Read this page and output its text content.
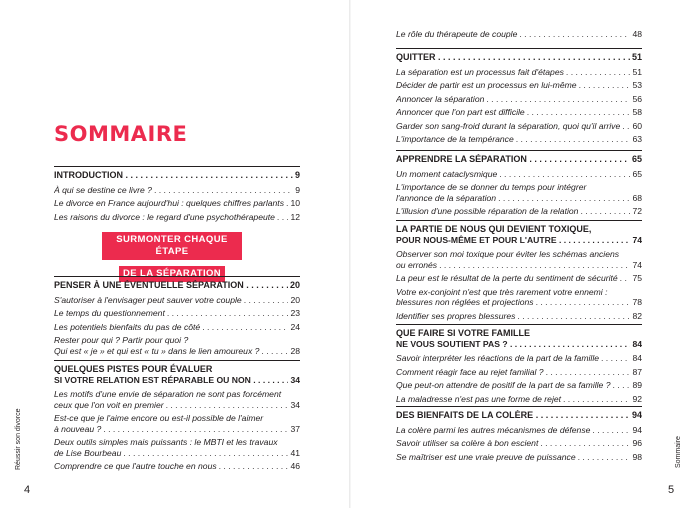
SOMMAIRE
INTRODUCTION . . .	9
À qui se destine ce livre ? . . .	9
Le divorce en France aujourd'hui : quelques chiffres parlants . . . 10
Les raisons du divorce : le regard d'une psychothérapeute . . .	12
SURMONTER CHAQUE ÉTAPE
DE LA SÉPARATION
PENSER À UNE ÉVENTUELLE SÉPARATION . . .	20
S'autoriser à l'envisager peut sauver votre couple . . .	20
Le temps du questionnement . . .	23
Les potentiels bienfaits du pas de côté . . .	24
Rester pour qui ? Partir pour quoi ?
Qui est « je » et qui est « tu » dans le lien amoureux ? . . .	28
QUELQUES PISTES POUR ÉVALUER
SI VOTRE RELATION EST RÉPARABLE OU NON . . .	34
Les motifs d'une envie de séparation ne sont pas forcément
ceux que l'on voit en premier . . .	34
Est-ce que je l'aime encore ou est-il possible de l'aimer
à nouveau ? . . .	37
Deux outils simples mais puissants : le MBTI et les travaux
de Lise Bourbeau . . .	41
Comprendre ce que l'autre touche en nous . . .	46
Réussir son divorce
4
Le rôle du thérapeute de couple . . .	48
QUITTER . . .	51
La séparation est un processus fait d'étapes . . .	51
Décider de partir est un processus en lui-même . . .	53
Annoncer la séparation . . .	56
Annoncer que l'on part est difficile . . .	58
Garder son sang-froid durant la séparation, quoi qu'il arrive . . .	60
L'importance de la tempérance . . .	63
APPRENDRE LA SÉPARATION . . .	65
Un moment cataclysmique . . .	65
L'importance de se donner du temps pour intégrer
l'annonce de la séparation . . .	68
L'illusion d'une possible réparation de la relation . . .	72
LA PARTIE DE NOUS QUI DEVIENT TOXIQUE,
POUR NOUS-MÊME ET POUR L'AUTRE . . .	74
Observer son moi toxique pour éviter les schémas anciens
ou erronés . . .	74
La peur est le résultat de la perte du sentiment de sécurité . . .	75
Votre ex-conjoint n'est que très rarement votre ennemi :
blessures non réglées et projections . . .	78
Identifier ses propres blessures . . .	82
QUE FAIRE SI VOTRE FAMILLE
NE VOUS SOUTIENT PAS ? . . .	84
Savoir interpréter les réactions de la part de la famille . . .	84
Comment réagir face au rejet familial ? . . .	87
Que peut-on attendre de positif de la part de sa famille ? . . .	89
La maladresse n'est pas une forme de rejet . . .	92
DES BIENFAITS DE LA COLÈRE . . .	94
La colère parmi les autres mécanismes de défense . . .	94
Savoir utiliser sa colère à bon escient . . .	96
Se maîtriser est une vraie preuve de puissance . . .	98	Sommaire
5
